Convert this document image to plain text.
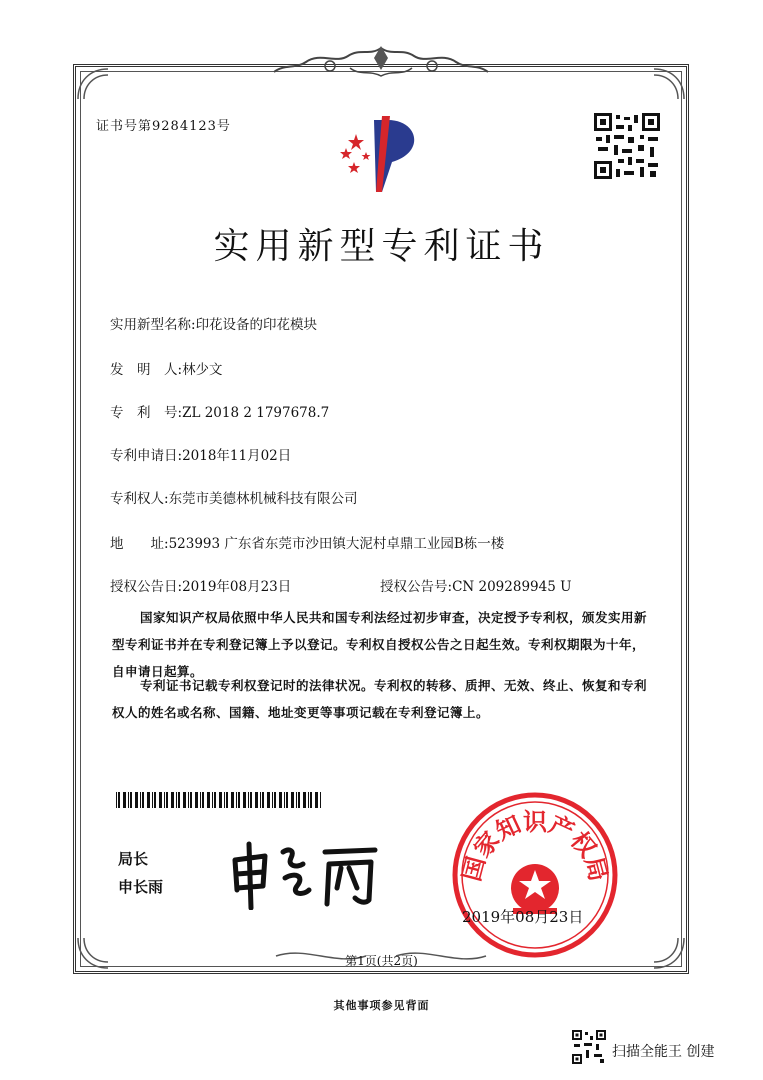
证书号第9284123号
实用新型专利证书
实用新型名称:印花设备的印花模块
发　明　人:林少文
专　利　号:ZL 2018 2 1797678.7
专利申请日:2018年11月02日
专利权人:东莞市美德林机械科技有限公司
地　　址:523993 广东省东莞市沙田镇大泥村卓鼎工业园B栋一楼
授权公告日:2019年08月23日	授权公告号:CN 209289945 U
国家知识产权局依照中华人民共和国专利法经过初步审查，决定授予专利权，颁发实用新型专利证书并在专利登记簿上予以登记。专利权自授权公告之日起生效。专利权期限为十年，自申请日起算。
专利证书记载专利权登记时的法律状况。专利权的转移、质押、无效、终止、恢复和专利权人的姓名或名称、国籍、地址变更等事项记载在专利登记簿上。
局长
申长雨
国家知识产权局
2019年08月23日
第1页(共2页)
其他事项参见背面
扫描全能王 创建
